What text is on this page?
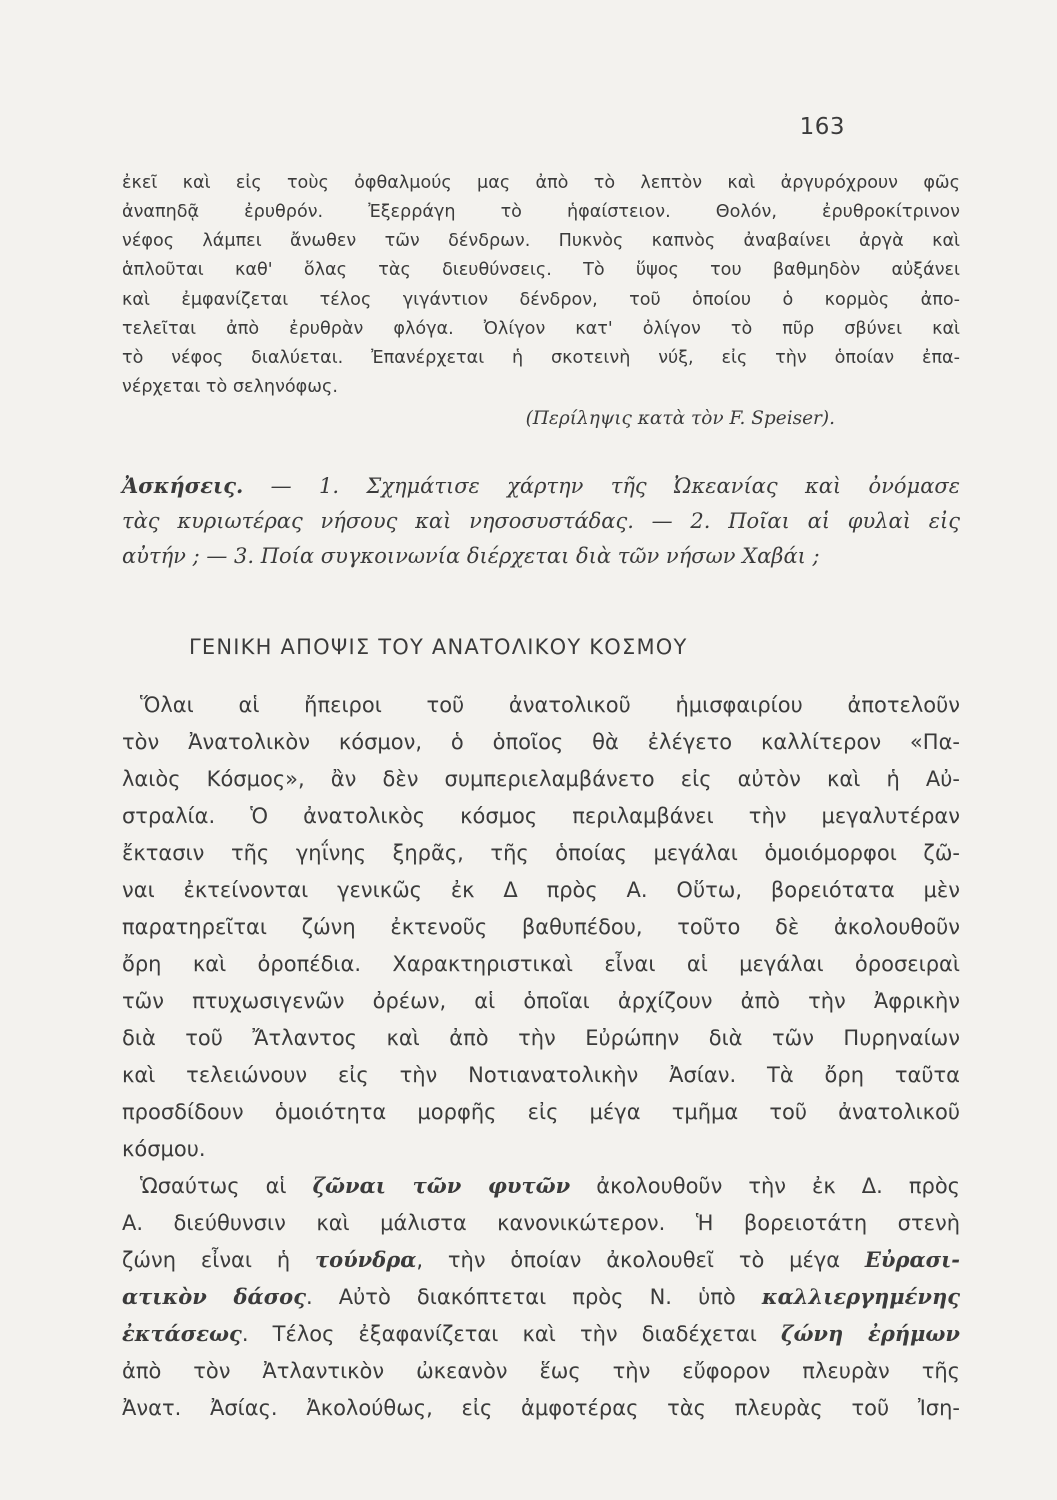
163
ἐκεῖ καὶ εἰς τοὺς ὀφθαλμούς μας ἀπὸ τὸ λεπτὸν καὶ ἀργυρόχρουν φῶς
ἀναπηδᾷ ἐρυθρόν. Ἐξερράγη τὸ ἡφαίστειον. Θολόν, ἐρυθροκίτρινον
νέφος λάμπει ἄνωθεν τῶν δένδρων. Πυκνὸς καπνὸς ἀναβαίνει ἀργὰ καὶ
ἁπλοῦται καθ' ὅλας τὰς διευθύνσεις. Τὸ ὕψος του βαθμηδὸν αὐξάνει
καὶ ἐμφανίζεται τέλος γιγάντιον δένδρον, τοῦ ὁποίου ὁ κορμὸς ἀπο-
τελεῖται ἀπὸ ἐρυθρὰν φλόγα. Ὀλίγον κατ' ὀλίγον τὸ πῦρ σβύνει καὶ
τὸ νέφος διαλύεται. Ἐπανέρχεται ἡ σκοτεινὴ νύξ, εἰς τὴν ὁποίαν ἐπα-
νέρχεται τὸ σεληνόφως.
(Περίληψις κατὰ τὸν F. Speiser).
Ἀσκήσεις. — 1. Σχημάτισε χάρτην τῆς Ὠκεανίας καὶ ὀνόμασε
τὰς κυριωτέρας νήσους καὶ νησοσυστάδας. — 2. Ποῖαι αἱ φυλαὶ εἰς
αὐτήν ; — 3. Ποία συγκοινωνία διέρχεται διὰ τῶν νήσων Χαβάι ;
ΓΕΝΙΚΗ ΑΠΟΨΙΣ ΤΟΥ ΑΝΑΤΟΛΙΚΟΥ ΚΟΣΜΟΥ
Ὅλαι αἱ ἤπειροι τοῦ ἀνατολικοῦ ἡμισφαιρίου ἀποτελοῦν
τὸν Ἀνατολικὸν κόσμον, ὁ ὁποῖος θὰ ἐλέγετο καλλίτερον «Πα-
λαιὸς Κόσμος», ἂν δὲν συμπεριελαμβάνετο εἰς αὐτὸν καὶ ἡ Αὐ-
στραλία. Ὁ ἀνατολικὸς κόσμος περιλαμβάνει τὴν μεγαλυτέραν
ἔκτασιν τῆς γηΐνης ξηρᾶς, τῆς ὁποίας μεγάλαι ὁμοιόμορφοι ζῶ-
ναι ἐκτείνονται γενικῶς ἐκ Δ πρὸς Α. Οὕτω, βορειότατα μὲν
παρατηρεῖται ζώνη ἐκτενοῦς βαθυπέδου, τοῦτο δὲ ἀκολουθοῦν
ὄρη καὶ ὀροπέδια. Χαρακτηριστικαὶ εἶναι αἱ μεγάλαι ὀροσειραὶ
τῶν πτυχωσιγενῶν ὀρέων, αἱ ὁποῖαι ἀρχίζουν ἀπὸ τὴν Ἀφρικὴν
διὰ τοῦ Ἄτλαντος καὶ ἀπὸ τὴν Εὐρώπην διὰ τῶν Πυρηναίων
καὶ τελειώνουν εἰς τὴν Νοτιανατολικὴν Ἀσίαν. Τὰ ὄρη ταῦτα
προσδίδουν ὁμοιότητα μορφῆς εἰς μέγα τμῆμα τοῦ ἀνατολικοῦ
κόσμου.
Ὡσαύτως αἱ ζῶναι τῶν φυτῶν ἀκολουθοῦν τὴν ἐκ Δ. πρὸς
Α. διεύθυνσιν καὶ μάλιστα κανονικώτερον. Ἡ βορειοτάτη στενὴ
ζώνη εἶναι ἡ τούνδρα, τὴν ὁποίαν ἀκολουθεῖ τὸ μέγα Εὐρασι-
ατικὸν δάσος. Αὐτὸ διακόπτεται πρὸς Ν. ὑπὸ καλλιεργημένης
ἐκτάσεως. Τέλος ἐξαφανίζεται καὶ τὴν διαδέχεται ζώνη ἐρήμων
ἀπὸ τὸν Ἀτλαντικὸν ὠκεανὸν ἕως τὴν εὔφορον πλευρὰν τῆς
Ἀνατ. Ἀσίας. Ἀκολούθως, εἰς ἀμφοτέρας τὰς πλευρὰς τοῦ Ἰση-
